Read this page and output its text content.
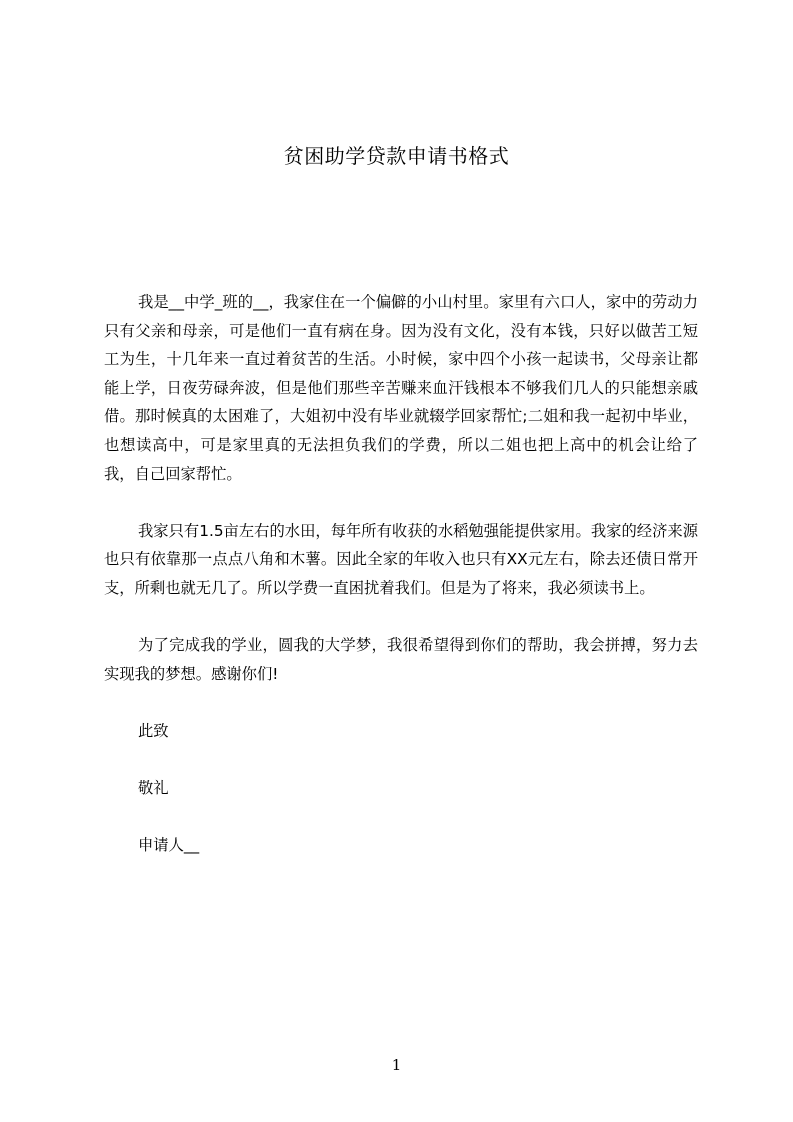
贫困助学贷款申请书格式

我是__中学_班的__，我家住在一个偏僻的小山村里。家里有六口人，家中的劳动力只有父亲和母亲，可是他们一直有病在身。因为没有文化，没有本钱，只好以做苦工短工为生，十几年来一直过着贫苦的生活。小时候，家中四个小孩一起读书，父母亲让都能上学，日夜劳碌奔波，但是他们那些辛苦赚来血汗钱根本不够我们几人的只能想亲戚借。那时候真的太困难了，大姐初中没有毕业就辍学回家帮忙;二姐和我一起初中毕业，也想读高中，可是家里真的无法担负我们的学费，所以二姐也把上高中的机会让给了我，自己回家帮忙。

我家只有1.5亩左右的水田，每年所有收获的水稻勉强能提供家用。我家的经济来源也只有依靠那一点点八角和木薯。因此全家的年收入也只有XX元左右，除去还债日常开支，所剩也就无几了。所以学费一直困扰着我们。但是为了将来，我必须读书上。

为了完成我的学业，圆我的大学梦，我很希望得到你们的帮助，我会拼搏，努力去实现我的梦想。感谢你们!

此致

敬礼

申请人__

1
